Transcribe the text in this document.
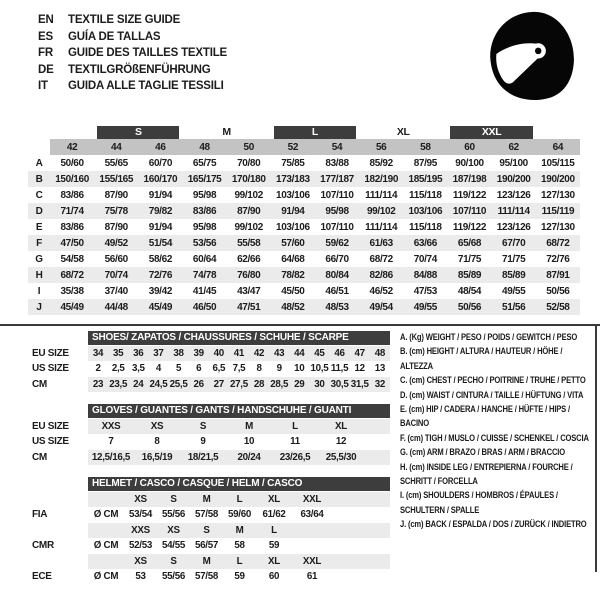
EN	TEXTILE SIZE GUIDE
ES	GUÍA DE TALLAS
FR	GUIDE DES TAILLES TEXTILE
DE	TEXTILGRÖßENFÜHRUNG
IT	GUIDA ALLE TAGLIE TESSILI

		S		M		L		XL		XXL		

	42	44	46	48	50	52	54	56	58	60	62	64
A	50/60	55/65	60/70	65/75	70/80	75/85	83/88	85/92	87/95	90/100	95/100	105/115
B	150/160	155/165	160/170	165/175	170/180	173/183	177/187	182/190	185/195	187/198	190/200	190/200
C	83/86	87/90	91/94	95/98	99/102	103/106	107/110	111/114	115/118	119/122	123/126	127/130
D	71/74	75/78	79/82	83/86	87/90	91/94	95/98	99/102	103/106	107/110	111/114	115/119
E	83/86	87/90	91/94	95/98	99/102	103/106	107/110	111/114	115/118	119/122	123/126	127/130
F	47/50	49/52	51/54	53/56	55/58	57/60	59/62	61/63	63/66	65/68	67/70	68/72
G	54/58	56/60	58/62	60/64	62/66	64/68	66/70	68/72	70/74	71/75	71/75	72/76
H	68/72	70/74	72/76	74/78	76/80	78/82	80/84	82/86	84/88	85/89	85/89	87/91
I	35/38	37/40	39/42	41/45	43/47	45/50	46/51	46/52	47/53	48/54	49/55	50/56
J	45/49	44/48	45/49	46/50	47/51	48/52	48/53	49/54	49/55	50/56	51/56	52/58

	SHOES/ ZAPATOS / CHAUSSURES / SCHUHE / SCARPE														

EU SIZE	34	35	36	37	38	39	40	41	42	43	44	45	46	47	48
US SIZE	2	2,5	3,5	4	5	6	6,5	7,5	8	9	10	10,5	11,5	12	13
CM	23	23,5	24	24,5	25,5	26	27	27,5	28	28,5	29	30	30,5	31,5	32

	GLOVES / GUANTES / GANTS / HANDSCHUHE / GUANTI						

EU SIZE	XXS	XS	S	M	L	XL	
US SIZE	7	8	9	10	11	12	
CM	12,5/16,5	16,5/19	18/21,5	20/24	23/26,5	25,5/30	

	HELMET / CASCO / CASQUE / HELM / CASCO							

		XS	S	M	L	XL	XXL	
FIA	Ø CM	53/54	55/56	57/58	59/60	61/62	63/64	
		XXS	XS	S	M	L		
CMR	Ø CM	52/53	54/55	56/57	58	59		
		XS	S	M	L	XL	XXL	
ECE	Ø CM	53	55/56	57/58	59	60	61	
A. (Kg) WEIGHT / PESO / POIDS / GEWITCH / PESO
B. (cm) HEIGHT / ALTURA / HAUTEUR / HÖHE / ALTEZZA
C. (cm) CHEST / PECHO / POITRINE / TRUHE / PETTO
D. (cm) WAIST / CINTURA / TAILLE / HÜFTUNG / VITA
E. (cm) HIP / CADERA / HANCHE / HÜFTE / HIPS / BACINO
F. (cm) TIGH / MUSLO / CUISSE / SCHENKEL / COSCIA
G. (cm) ARM / BRAZO / BRAS / ARM / BRACCIO
H. (cm) INSIDE LEG / ENTREPIERNA / FOURCHE / SCHRITT / FORCELLA
I. (cm) SHOULDERS / HOMBROS / ÉPAULES / SCHULTERN / SPALLE
J. (cm) BACK / ESPALDA / DOS / ZURÜCK / INDIETRO
